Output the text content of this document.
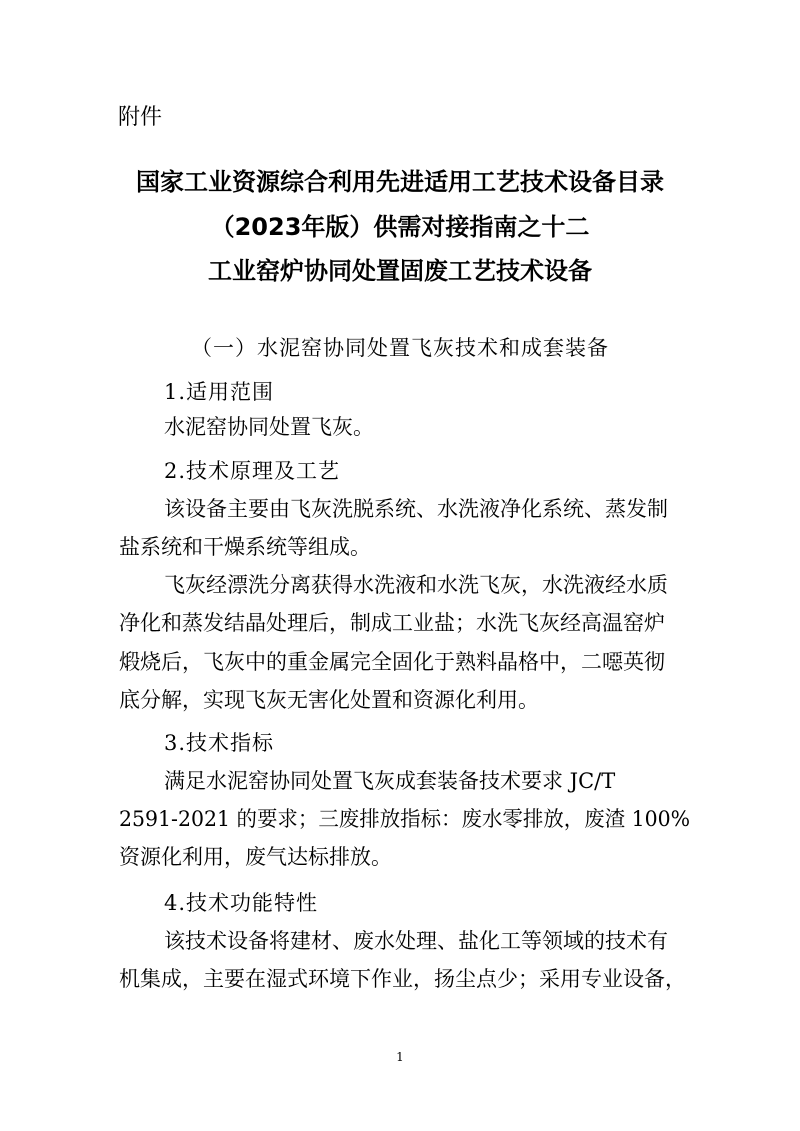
附件

国家工业资源综合利用先进适用工艺技术设备目录

（2023年版）供需对接指南之十二

工业窑炉协同处置固废工艺技术设备

（一）水泥窑协同处置飞灰技术和成套装备

1.适用范围

水泥窑协同处置飞灰。

2.技术原理及工艺

该设备主要由飞灰洗脱系统、水洗液净化系统、蒸发制

盐系统和干燥系统等组成。

飞灰经漂洗分离获得水洗液和水洗飞灰，水洗液经水质

净化和蒸发结晶处理后，制成工业盐；水洗飞灰经高温窑炉

煅烧后，飞灰中的重金属完全固化于熟料晶格中，二噁英彻

底分解，实现飞灰无害化处置和资源化利用。

3.技术指标

满足水泥窑协同处置飞灰成套装备技术要求 JC/T

2591-2021 的要求；三废排放指标：废水零排放，废渣 100%

资源化利用，废气达标排放。

4.技术功能特性

该技术设备将建材、废水处理、盐化工等领域的技术有

机集成，主要在湿式环境下作业，扬尘点少；采用专业设备，

1
